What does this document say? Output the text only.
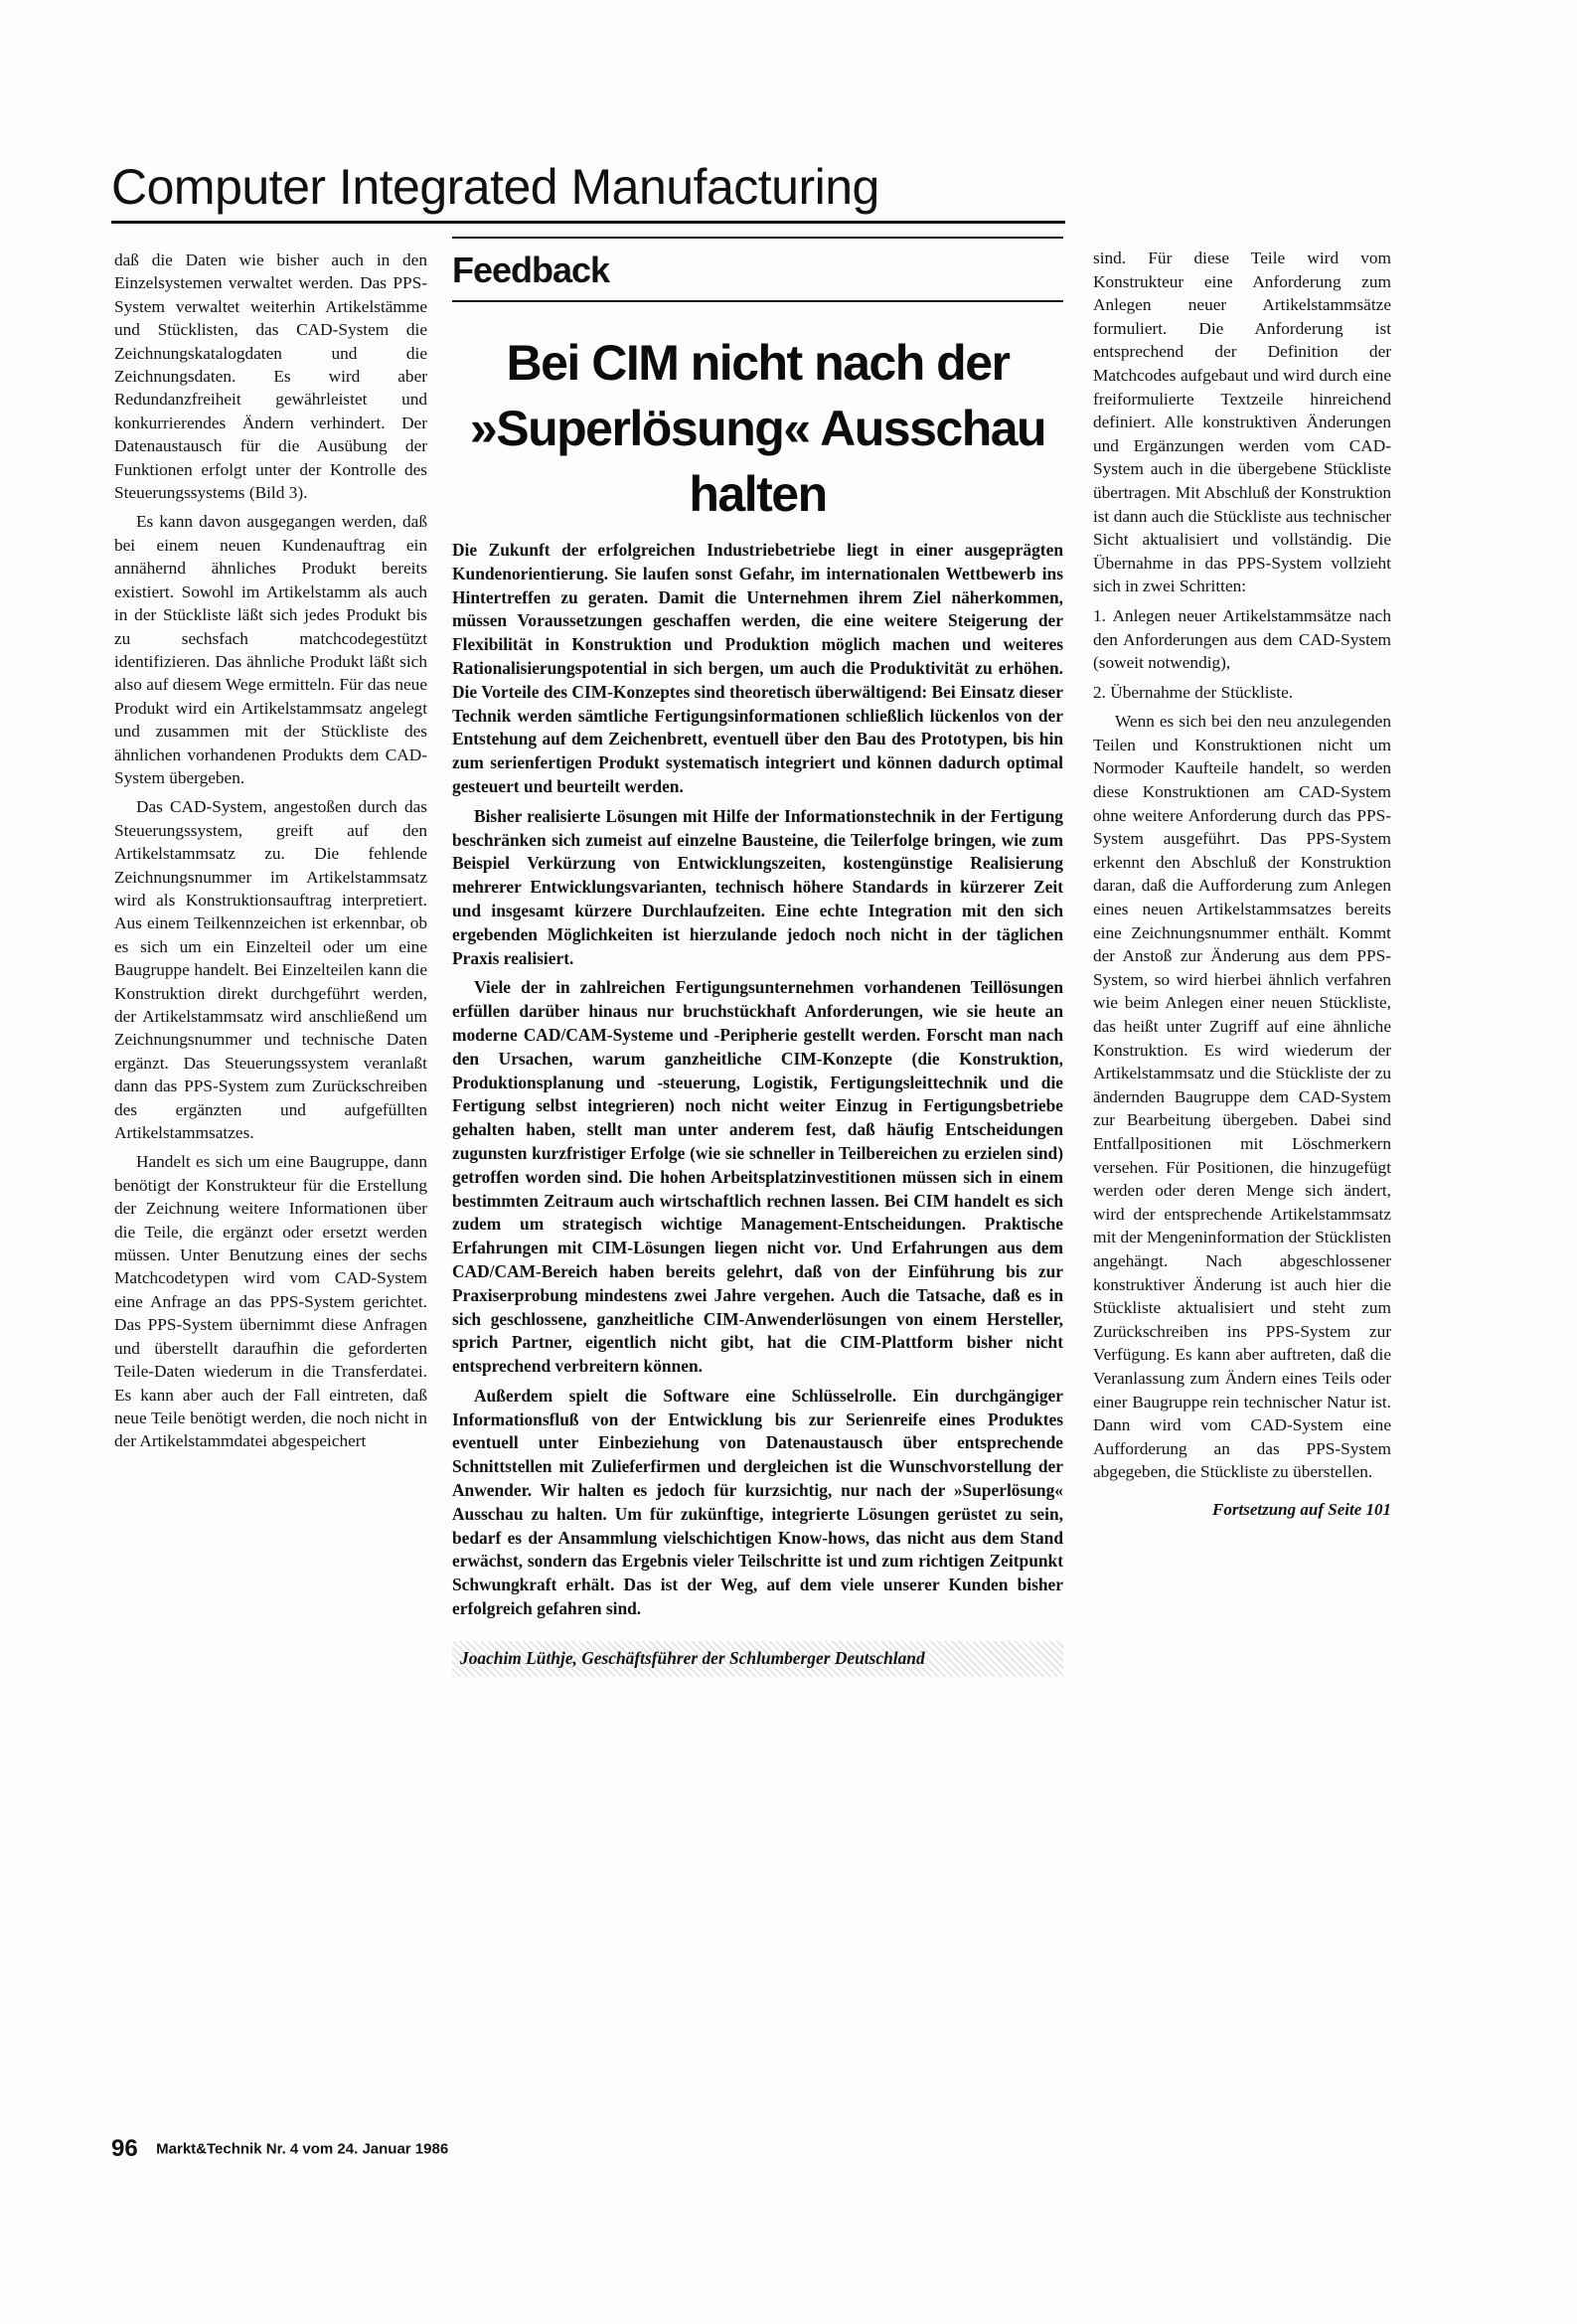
Computer Integrated Manufacturing

daß die Daten wie bisher auch in den Einzelsystemen verwaltet werden. Das PPS-System verwaltet weiterhin Artikelstämme und Stücklisten, das CAD-System die Zeichnungskatalogdaten und die Zeichnungsdaten. Es wird aber Redundanzfreiheit gewährleistet und konkurrierendes Ändern verhindert. Der Datenaustausch für die Ausübung der Funktionen erfolgt unter der Kontrolle des Steuerungssystems (Bild 3).

Es kann davon ausgegangen werden, daß bei einem neuen Kundenauftrag ein annähernd ähnliches Produkt bereits existiert. Sowohl im Artikelstamm als auch in der Stückliste läßt sich jedes Produkt bis zu sechsfach matchcodegestützt identifizieren. Das ähnliche Produkt läßt sich also auf diesem Wege ermitteln. Für das neue Produkt wird ein Artikelstammsatz angelegt und zusammen mit der Stückliste des ähnlichen vorhandenen Produkts dem CAD-System übergeben.

Das CAD-System, angestoßen durch das Steuerungssystem, greift auf den Artikelstammsatz zu. Die fehlende Zeichnungsnummer im Artikelstammsatz wird als Konstruktionsauftrag interpretiert. Aus einem Teilkennzeichen ist erkennbar, ob es sich um ein Einzelteil oder um eine Baugruppe handelt. Bei Einzelteilen kann die Konstruktion direkt durchgeführt werden, der Artikelstammsatz wird anschließend um Zeichnungsnummer und technische Daten ergänzt. Das Steuerungssystem veranlaßt dann das PPS-System zum Zurückschreiben des ergänzten und aufgefüllten Artikelstammsatzes.

Handelt es sich um eine Baugruppe, dann benötigt der Konstrukteur für die Erstellung der Zeichnung weitere Informationen über die Teile, die ergänzt oder ersetzt werden müssen. Unter Benutzung eines der sechs Matchcodetypen wird vom CAD-System eine Anfrage an das PPS-System gerichtet. Das PPS-System übernimmt diese Anfragen und überstellt daraufhin die geforderten Teile-Daten wiederum in die Transferdatei. Es kann aber auch der Fall eintreten, daß neue Teile benötigt werden, die noch nicht in der Artikelstammdatei abgespeichert

Feedback
Bei CIM nicht nach der
»Superlösung« Ausschau
halten

Die Zukunft der erfolgreichen Industriebetriebe liegt in einer ausgeprägten Kundenorientierung. Sie laufen sonst Gefahr, im internationalen Wettbewerb ins Hintertreffen zu geraten. Damit die Unternehmen ihrem Ziel näherkommen, müssen Voraussetzungen geschaffen werden, die eine weitere Steigerung der Flexibilität in Konstruktion und Produktion möglich machen und weiteres Rationalisierungspotential in sich bergen, um auch die Produktivität zu erhöhen. Die Vorteile des CIM-Konzeptes sind theoretisch überwältigend: Bei Einsatz dieser Technik werden sämtliche Fertigungsinformationen schließlich lückenlos von der Entstehung auf dem Zeichenbrett, eventuell über den Bau des Prototypen, bis hin zum serienfertigen Produkt systematisch integriert und können dadurch optimal gesteuert und beurteilt werden.

Bisher realisierte Lösungen mit Hilfe der Informationstechnik in der Fertigung beschränken sich zumeist auf einzelne Bausteine, die Teilerfolge bringen, wie zum Beispiel Verkürzung von Entwicklungszeiten, kostengünstige Realisierung mehrerer Entwicklungsvarianten, technisch höhere Standards in kürzerer Zeit und insgesamt kürzere Durchlaufzeiten. Eine echte Integration mit den sich ergebenden Möglichkeiten ist hierzulande jedoch noch nicht in der täglichen Praxis realisiert.

Viele der in zahlreichen Fertigungsunternehmen vorhandenen Teillösungen erfüllen darüber hinaus nur bruchstückhaft Anforderungen, wie sie heute an moderne CAD/CAM-Systeme und -Peripherie gestellt werden. Forscht man nach den Ursachen, warum ganzheitliche CIM-Konzepte (die Konstruktion, Produktionsplanung und -steuerung, Logistik, Fertigungsleittechnik und die Fertigung selbst integrieren) noch nicht weiter Einzug in Fertigungsbetriebe gehalten haben, stellt man unter anderem fest, daß häufig Entscheidungen zugunsten kurzfristiger Erfolge (wie sie schneller in Teilbereichen zu erzielen sind) getroffen worden sind. Die hohen Arbeitsplatzinvestitionen müssen sich in einem bestimmten Zeitraum auch wirtschaftlich rechnen lassen. Bei CIM handelt es sich zudem um strategisch wichtige Management-Entscheidungen. Praktische Erfahrungen mit CIM-Lösungen liegen nicht vor. Und Erfahrungen aus dem CAD/CAM-Bereich haben bereits gelehrt, daß von der Einführung bis zur Praxiserprobung mindestens zwei Jahre vergehen. Auch die Tatsache, daß es in sich geschlossene, ganzheitliche CIM-Anwenderlösungen von einem Hersteller, sprich Partner, eigentlich nicht gibt, hat die CIM-Plattform bisher nicht entsprechend verbreitern können.

Außerdem spielt die Software eine Schlüsselrolle. Ein durchgängiger Informationsfluß von der Entwicklung bis zur Serienreife eines Produktes eventuell unter Einbeziehung von Datenaustausch über entsprechende Schnittstellen mit Zulieferfirmen und dergleichen ist die Wunschvorstellung der Anwender. Wir halten es jedoch für kurzsichtig, nur nach der »Superlösung« Ausschau zu halten. Um für zukünftige, integrierte Lösungen gerüstet zu sein, bedarf es der Ansammlung vielschichtigen Know-hows, das nicht aus dem Stand erwächst, sondern das Ergebnis vieler Teilschritte ist und zum richtigen Zeitpunkt Schwungkraft erhält. Das ist der Weg, auf dem viele unserer Kunden bisher erfolgreich gefahren sind.

Joachim Lüthje, Geschäftsführer der Schlumberger Deutschland

sind. Für diese Teile wird vom Konstrukteur eine Anforderung zum Anlegen neuer Artikelstammsätze formuliert. Die Anforderung ist entsprechend der Definition der Matchcodes aufgebaut und wird durch eine freiformulierte Textzeile hinreichend definiert. Alle konstruktiven Änderungen und Ergänzungen werden vom CAD-System auch in die übergebene Stückliste übertragen. Mit Abschluß der Konstruktion ist dann auch die Stückliste aus technischer Sicht aktualisiert und vollständig. Die Übernahme in das PPS-System vollzieht sich in zwei Schritten:

1. Anlegen neuer Artikelstammsätze nach den Anforderungen aus dem CAD-System (soweit notwendig),

2. Übernahme der Stückliste.

Wenn es sich bei den neu anzulegenden Teilen und Konstruktionen nicht um Normoder Kaufteile handelt, so werden diese Konstruktionen am CAD-System ohne weitere Anforderung durch das PPS-System ausgeführt. Das PPS-System erkennt den Abschluß der Konstruktion daran, daß die Aufforderung zum Anlegen eines neuen Artikelstammsatzes bereits eine Zeichnungsnummer enthält. Kommt der Anstoß zur Änderung aus dem PPS-System, so wird hierbei ähnlich verfahren wie beim Anlegen einer neuen Stückliste, das heißt unter Zugriff auf eine ähnliche Konstruktion. Es wird wiederum der Artikelstammsatz und die Stückliste der zu ändernden Baugruppe dem CAD-System zur Bearbeitung übergeben. Dabei sind Entfallpositionen mit Löschmerkern versehen. Für Positionen, die hinzugefügt werden oder deren Menge sich ändert, wird der entsprechende Artikelstammsatz mit der Mengeninformation der Stücklisten angehängt. Nach abgeschlossener konstruktiver Änderung ist auch hier die Stückliste aktualisiert und steht zum Zurückschreiben ins PPS-System zur Verfügung. Es kann aber auftreten, daß die Veranlassung zum Ändern eines Teils oder einer Baugruppe rein technischer Natur ist. Dann wird vom CAD-System eine Aufforderung an das PPS-System abgegeben, die Stückliste zu überstellen.

Fortsetzung auf Seite 101
96 Markt&Technik Nr. 4 vom 24. Januar 1986
